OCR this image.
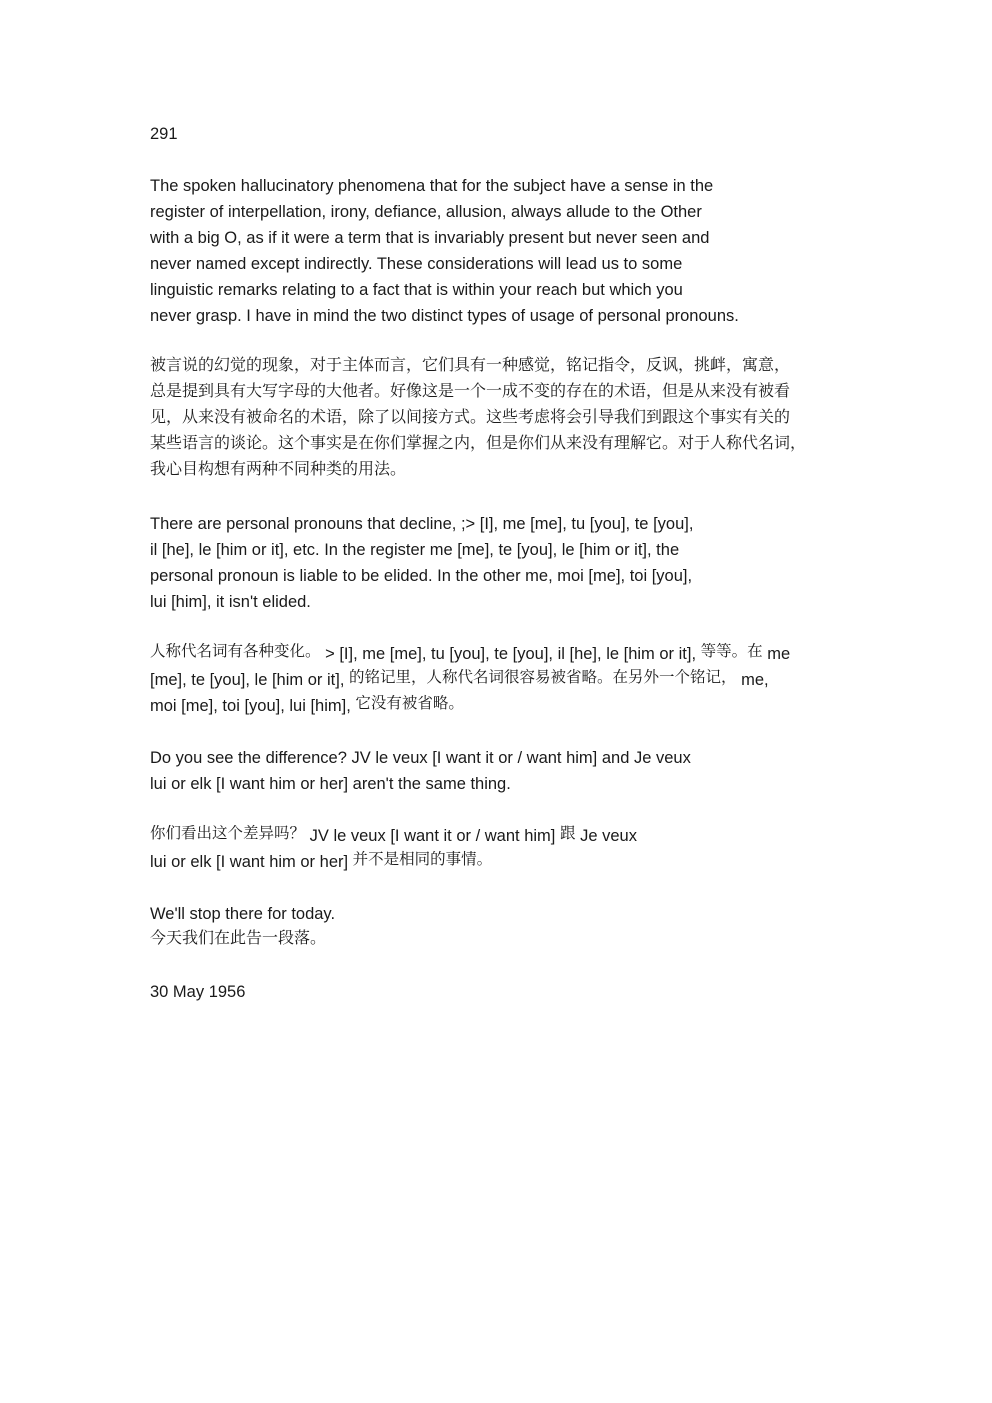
291
The spoken hallucinatory phenomena that for the subject have a sense in the
register of interpellation, irony, defiance, allusion, always allude to the Other
with a big O, as if it were a term that is invariably present but never seen and
never named except indirectly. These considerations will lead us to some
linguistic remarks relating to a fact that is within your reach but which you
never grasp. I have in mind the two distinct types of usage of personal pronouns.
被言说的幻觉的现象，对于主体而言，它们具有一种感觉，铭记指令，反讽，挑衅，寓意，
总是提到具有大写字母的大他者。好像这是一个一成不变的存在的术语，但是从来没有被看
见，从来没有被命名的术语，除了以间接方式。这些考虑将会引导我们到跟这个事实有关的
某些语言的谈论。这个事实是在你们掌握之内，但是你们从来没有理解它。对于人称代名词，
我心目构想有两种不同种类的用法。
There are personal pronouns that decline, ;> [I], me [me], tu [you], te [you],
il [he], le [him or it], etc. In the register me [me], te [you], le [him or it], the
personal pronoun is liable to be elided. In the other me, moi [me], toi [you],
lui [him], it isn't elided.
人称代名词有各种变化。 > [I], me [me], tu [you], te [you], il [he], le [him or it], 等等。在 me
[me], te [you], le [him or it], 的铭记里，人称代名词很容易被省略。在另外一个铭记， me,
moi [me], toi [you], lui [him], 它没有被省略。
Do you see the difference? JV le veux [I want it or / want him] and Je veux
lui or elk [I want him or her] aren't the same thing.
你们看出这个差异吗？ JV le veux [I want it or / want him] 跟 Je veux
lui or elk [I want him or her] 并不是相同的事情。
We'll stop there for today.
今天我们在此告一段落。
30 May 1956
